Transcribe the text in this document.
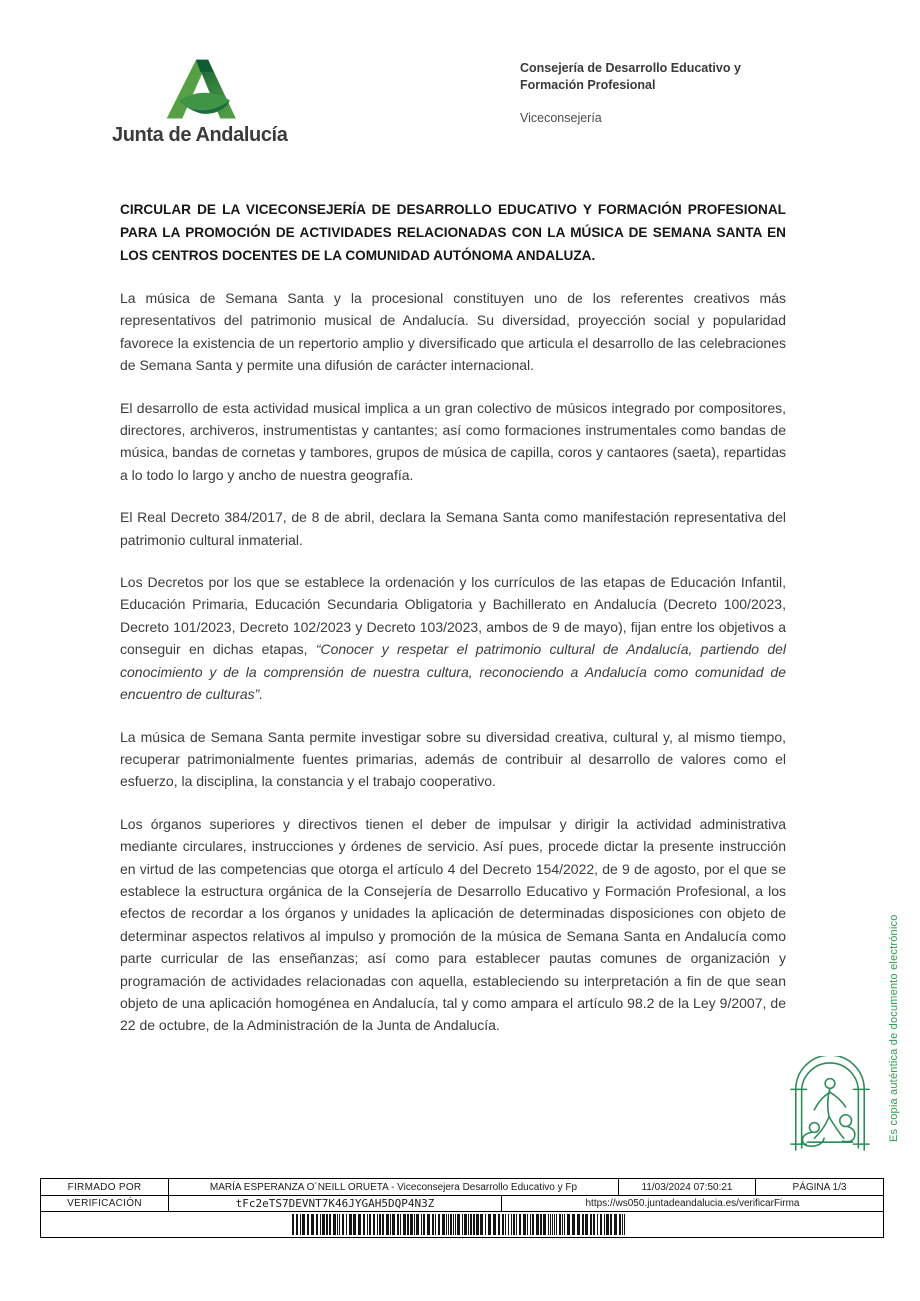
Junta de Andalucía
Consejería de Desarrollo Educativo y Formación Profesional
Viceconsejería

CIRCULAR DE LA VICECONSEJERÍA DE DESARROLLO EDUCATIVO Y FORMACIÓN PROFESIONAL PARA LA PROMOCIÓN DE ACTIVIDADES RELACIONADAS CON LA MÚSICA DE SEMANA SANTA EN LOS CENTROS DOCENTES DE LA COMUNIDAD AUTÓNOMA ANDALUZA.

La música de Semana Santa y la procesional constituyen uno de los referentes creativos más representativos del patrimonio musical de Andalucía. Su diversidad, proyección social y popularidad favorece la existencia de un repertorio amplio y diversificado que articula el desarrollo de las celebraciones de Semana Santa y permite una difusión de carácter internacional.

El desarrollo de esta actividad musical implica a un gran colectivo de músicos integrado por compositores, directores, archiveros, instrumentistas y cantantes; así como formaciones instrumentales como bandas de música, bandas de cornetas y tambores, grupos de música de capilla, coros y cantaores (saeta), repartidas a lo todo lo largo y ancho de nuestra geografía.

El Real Decreto 384/2017, de 8 de abril, declara la Semana Santa como manifestación representativa del patrimonio cultural inmaterial.

Los Decretos por los que se establece la ordenación y los currículos de las etapas de Educación Infantil, Educación Primaria, Educación Secundaria Obligatoria y Bachillerato en Andalucía (Decreto 100/2023, Decreto 101/2023, Decreto 102/2023 y Decreto 103/2023, ambos de 9 de mayo), fijan entre los objetivos a conseguir en dichas etapas, “Conocer y respetar el patrimonio cultural de Andalucía, partiendo del conocimiento y de la comprensión de nuestra cultura, reconociendo a Andalucía como comunidad de encuentro de culturas”.

La música de Semana Santa permite investigar sobre su diversidad creativa, cultural y, al mismo tiempo, recuperar patrimonialmente fuentes primarias, además de contribuir al desarrollo de valores como el esfuerzo, la disciplina, la constancia y el trabajo cooperativo.

Los órganos superiores y directivos tienen el deber de impulsar y dirigir la actividad administrativa mediante circulares, instrucciones y órdenes de servicio. Así pues, procede dictar la presente instrucción en virtud de las competencias que otorga el artículo 4 del Decreto 154/2022, de 9 de agosto, por el que se establece la estructura orgánica de la Consejería de Desarrollo Educativo y Formación Profesional, a los efectos de recordar a los órganos y unidades la aplicación de determinadas disposiciones con objeto de determinar aspectos relativos al impulso y promoción de la música de Semana Santa en Andalucía como parte curricular de las enseñanzas; así como para establecer pautas comunes de organización y programación de actividades relacionadas con aquella, estableciendo su interpretación a fin de que sean objeto de una aplicación homogénea en Andalucía, tal y como ampara el artículo 98.2 de la Ley 9/2007, de 22 de octubre, de la Administración de la Junta de Andalucía.	Es copia auténtica de documento electrónico
FIRMADO POR	MARÍA ESPERANZA O´NEILL ORUETA - Viceconsejera Desarrollo Educativo y Fp	11/03/2024 07:50:21	PÁGINA 1/3
VERIFICACIÓN	tFc2eTS7DEVNT7K46JYGAH5DQP4N3Z	https://ws050.juntadeandalucia.es/verificarFirma
